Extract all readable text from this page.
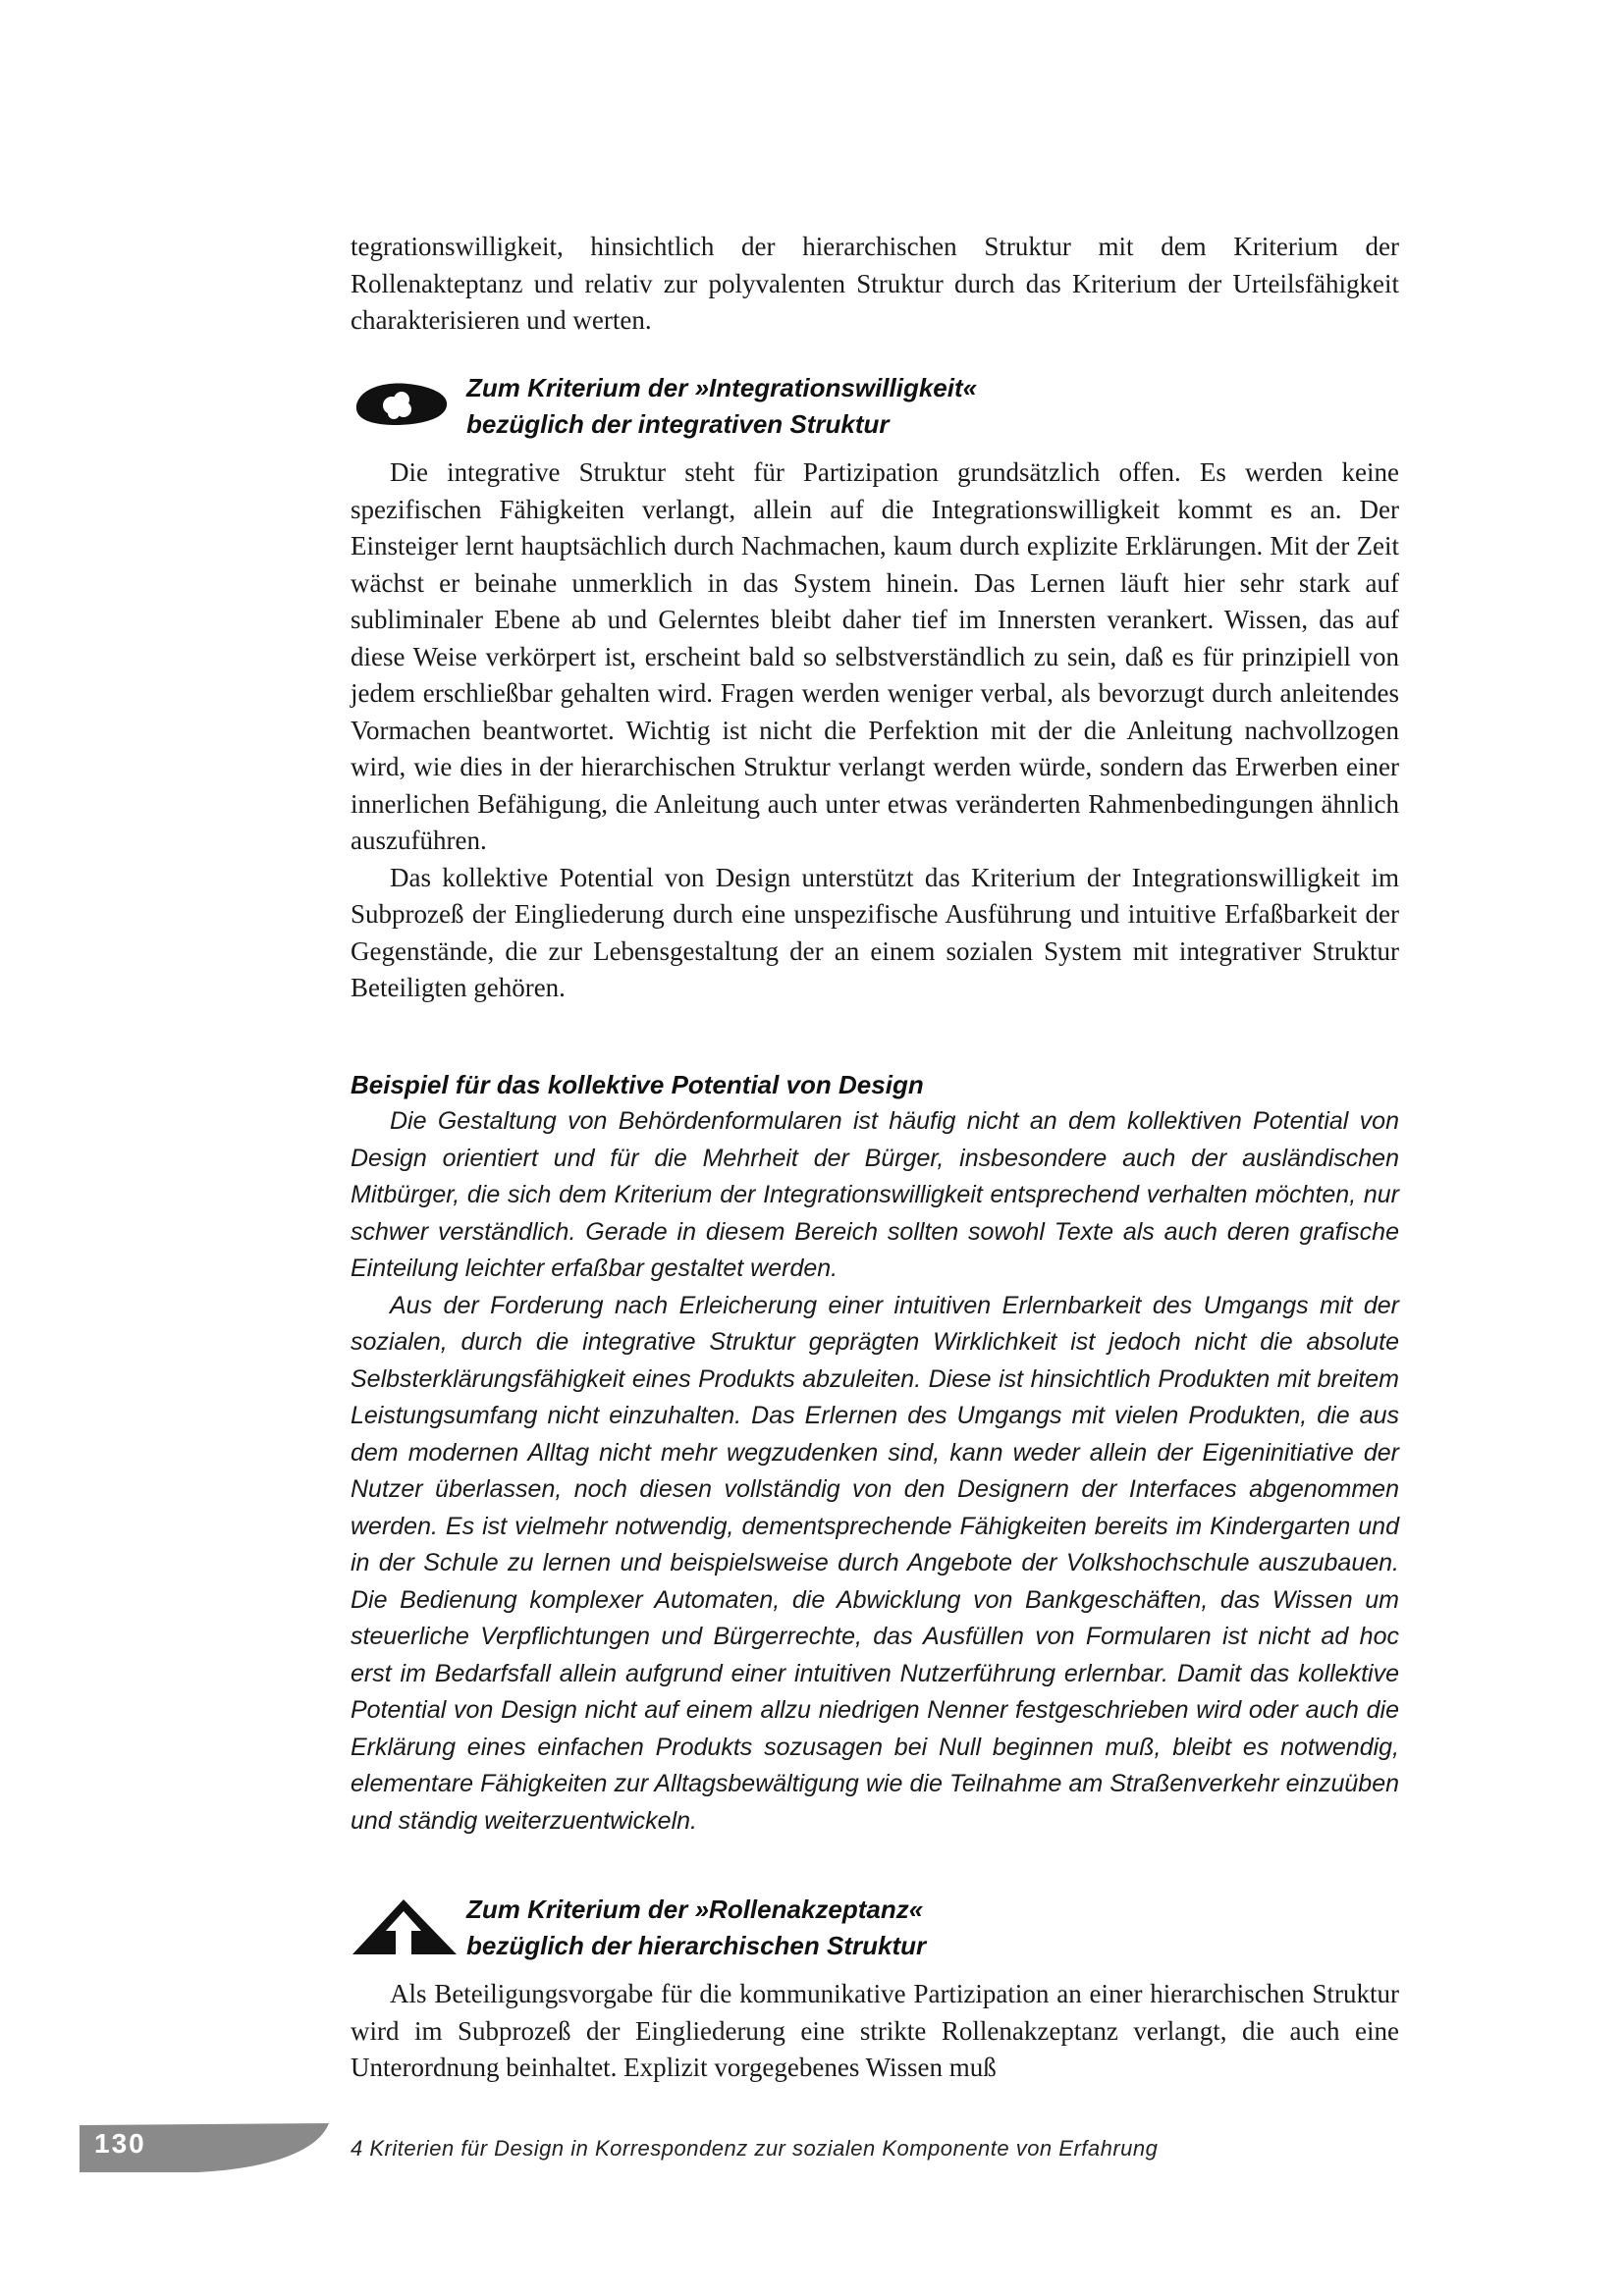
tegrationswilligkeit, hinsichtlich der hierarchischen Struktur mit dem Kriterium der Rollenakteptanz und relativ zur polyvalenten Struktur durch das Kriterium der Urteilsfähigkeit charakterisieren und werten.

Zum Kriterium der »Integrationswilligkeit«
bezüglich der integrativen Struktur

Die integrative Struktur steht für Partizipation grundsätzlich offen. Es werden keine spezifischen Fähigkeiten verlangt, allein auf die Integrationswilligkeit kommt es an. Der Einsteiger lernt hauptsächlich durch Nachmachen, kaum durch explizite Erklärungen. Mit der Zeit wächst er beinahe unmerklich in das System hinein. Das Lernen läuft hier sehr stark auf subliminaler Ebene ab und Gelerntes bleibt daher tief im Innersten verankert. Wissen, das auf diese Weise verkörpert ist, erscheint bald so selbstverständlich zu sein, daß es für prinzipiell von jedem erschließbar gehalten wird. Fragen werden weniger verbal, als bevorzugt durch anleitendes Vormachen beantwortet. Wichtig ist nicht die Perfektion mit der die Anleitung nachvollzogen wird, wie dies in der hierarchischen Struktur verlangt werden würde, sondern das Erwerben einer innerlichen Befähigung, die Anleitung auch unter etwas veränderten Rahmenbedingungen ähnlich auszuführen.

Das kollektive Potential von Design unterstützt das Kriterium der Integrationswilligkeit im Subprozeß der Eingliederung durch eine unspezifische Ausführung und intuitive Erfaßbarkeit der Gegenstände, die zur Lebensgestaltung der an einem sozialen System mit integrativer Struktur Beteiligten gehören.

Beispiel für das kollektive Potential von Design

Die Gestaltung von Behördenformularen ist häufig nicht an dem kollektiven Potential von Design orientiert und für die Mehrheit der Bürger, insbesondere auch der ausländischen Mitbürger, die sich dem Kriterium der Integrationswilligkeit entsprechend verhalten möchten, nur schwer verständlich. Gerade in diesem Bereich sollten sowohl Texte als auch deren grafische Einteilung leichter erfaßbar gestaltet werden.

Aus der Forderung nach Erleicherung einer intuitiven Erlernbarkeit des Umgangs mit der sozialen, durch die integrative Struktur geprägten Wirklichkeit ist jedoch nicht die absolute Selbsterklärungsfähigkeit eines Produkts abzuleiten. Diese ist hinsichtlich Produkten mit breitem Leistungsumfang nicht einzuhalten. Das Erlernen des Umgangs mit vielen Produkten, die aus dem modernen Alltag nicht mehr wegzudenken sind, kann weder allein der Eigeninitiative der Nutzer überlassen, noch diesen vollständig von den Designern der Interfaces abgenommen werden. Es ist vielmehr notwendig, dementsprechende Fähigkeiten bereits im Kindergarten und in der Schule zu lernen und beispielsweise durch Angebote der Volkshochschule auszubauen. Die Bedienung komplexer Automaten, die Abwicklung von Bankgeschäften, das Wissen um steuerliche Verpflichtungen und Bürgerrechte, das Ausfüllen von Formularen ist nicht ad hoc erst im Bedarfsfall allein aufgrund einer intuitiven Nutzerführung erlernbar. Damit das kollektive Potential von Design nicht auf einem allzu niedrigen Nenner festgeschrieben wird oder auch die Erklärung eines einfachen Produkts sozusagen bei Null beginnen muß, bleibt es notwendig, elementare Fähigkeiten zur Alltagsbewältigung wie die Teilnahme am Straßenverkehr einzuüben und ständig weiterzuentwickeln.

Zum Kriterium der »Rollenakzeptanz«
bezüglich der hierarchischen Struktur

Als Beteiligungsvorgabe für die kommunikative Partizipation an einer hierarchischen Struktur wird im Subprozeß der Eingliederung eine strikte Rollenakzeptanz verlangt, die auch eine Unterordnung beinhaltet. Explizit vorgegebenes Wissen muß

130	4 Kriterien für Design in Korrespondenz zur sozialen Komponente von Erfahrung
